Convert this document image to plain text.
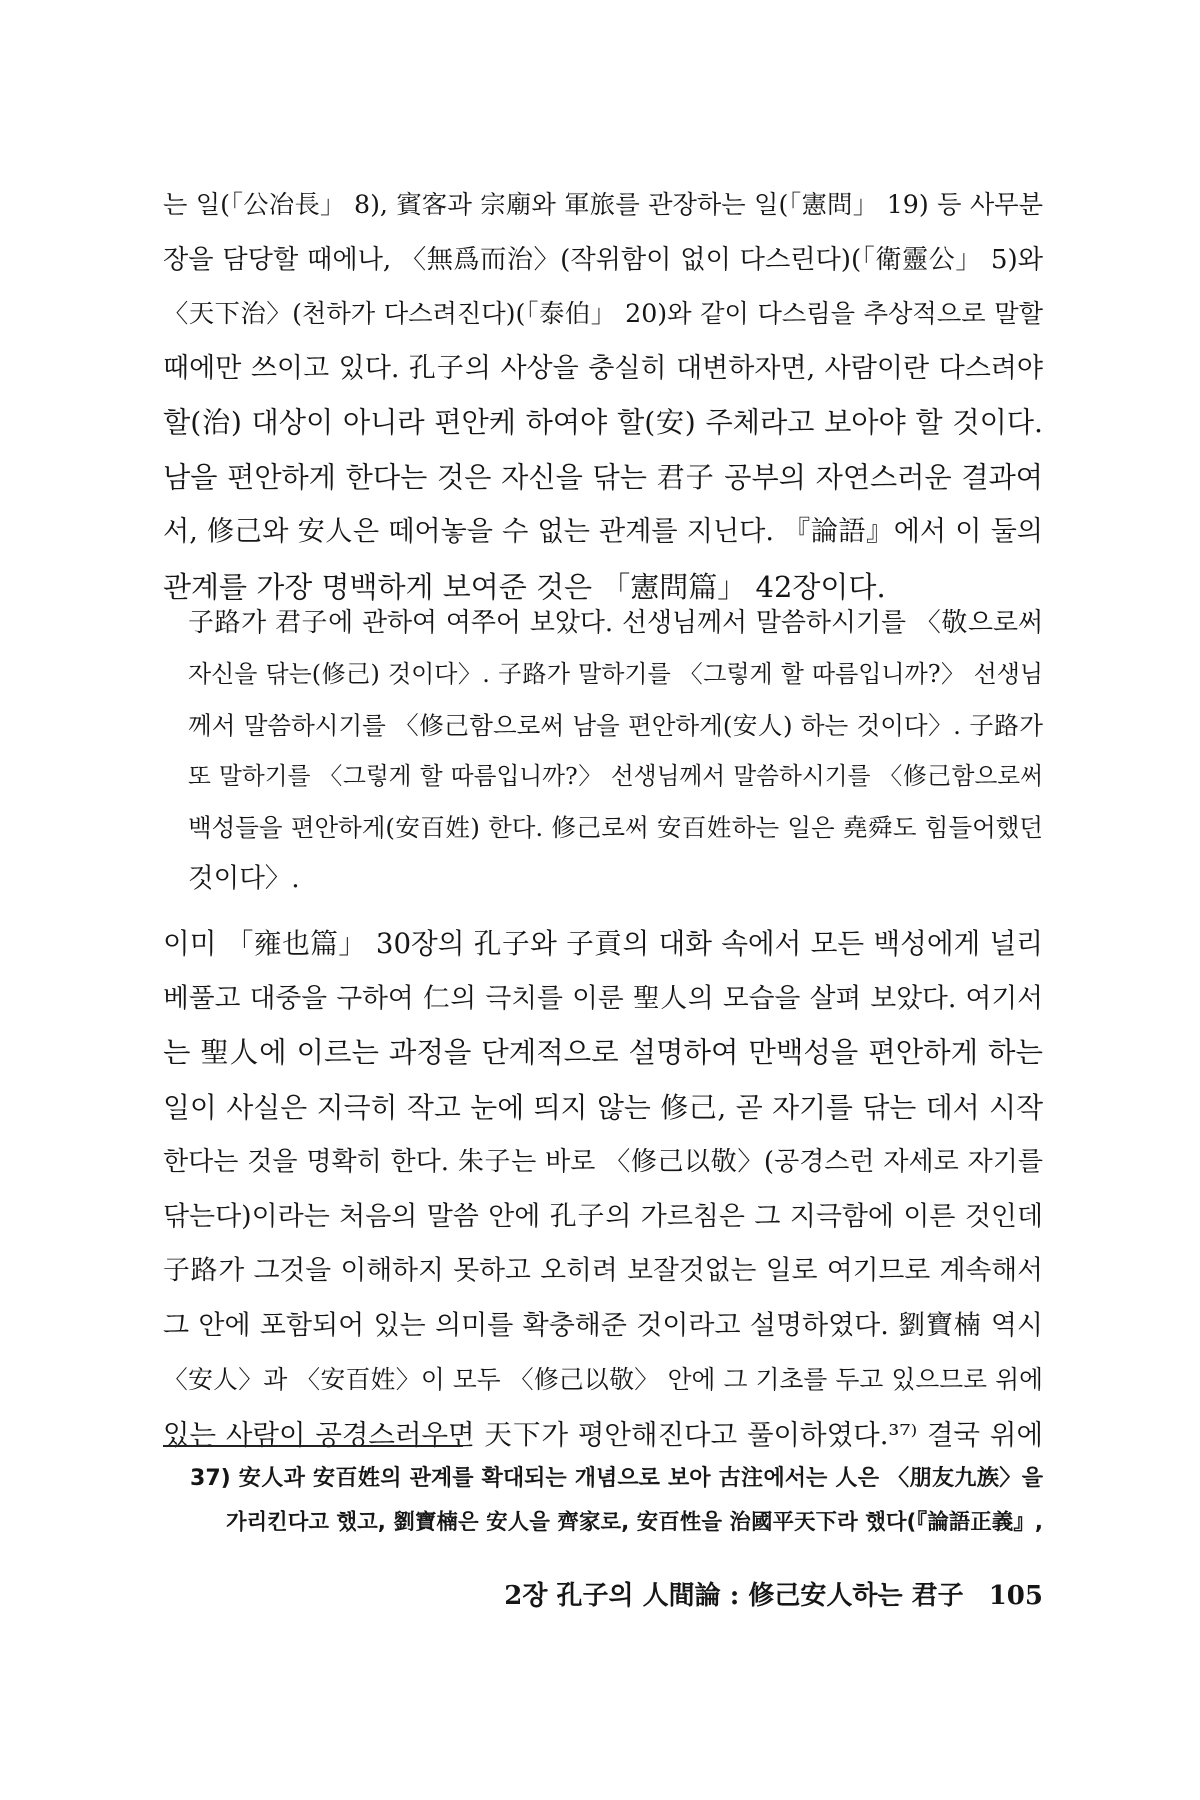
는 일(「公冶長」 8), 賓客과 宗廟와 軍旅를 관장하는 일(「憲問」 19) 등 사무분
장을 담당할 때에나, 〈無爲而治〉(작위함이 없이 다스린다)(「衛靈公」 5)와
〈天下治〉(천하가 다스려진다)(「泰伯」 20)와 같이 다스림을 추상적으로 말할
때에만 쓰이고 있다. 孔子의 사상을 충실히 대변하자면, 사람이란 다스려야
할(治) 대상이 아니라 편안케 하여야 할(安) 주체라고 보아야 할 것이다.
남을 편안하게 한다는 것은 자신을 닦는 君子 공부의 자연스러운 결과여
서, 修己와 安人은 떼어놓을 수 없는 관계를 지닌다. 『論語』에서 이 둘의
관계를 가장 명백하게 보여준 것은 「憲問篇」 42장이다.
子路가 君子에 관하여 여쭈어 보았다. 선생님께서 말씀하시기를 〈敬으로써
자신을 닦는(修己) 것이다〉. 子路가 말하기를 〈그렇게 할 따름입니까?〉 선생님
께서 말씀하시기를 〈修己함으로써 남을 편안하게(安人) 하는 것이다〉. 子路가
또 말하기를 〈그렇게 할 따름입니까?〉 선생님께서 말씀하시기를 〈修己함으로써
백성들을 편안하게(安百姓) 한다. 修己로써 安百姓하는 일은 堯舜도 힘들어했던
것이다〉.
이미 「雍也篇」 30장의 孔子와 子貢의 대화 속에서 모든 백성에게 널리
베풀고 대중을 구하여 仁의 극치를 이룬 聖人의 모습을 살펴 보았다. 여기서
는 聖人에 이르는 과정을 단계적으로 설명하여 만백성을 편안하게 하는
일이 사실은 지극히 작고 눈에 띄지 않는 修己, 곧 자기를 닦는 데서 시작
한다는 것을 명확히 한다. 朱子는 바로 〈修己以敬〉(공경스런 자세로 자기를
닦는다)이라는 처음의 말씀 안에 孔子의 가르침은 그 지극함에 이른 것인데
子路가 그것을 이해하지 못하고 오히려 보잘것없는 일로 여기므로 계속해서
그 안에 포함되어 있는 의미를 확충해준 것이라고 설명하였다. 劉寶楠 역시
〈安人〉과 〈安百姓〉이 모두 〈修己以敬〉 안에 그 기초를 두고 있으므로 위에
있는 사람이 공경스러우면 天下가 평안해진다고 풀이하였다.³⁷⁾ 결국 위에
37) 安人과 安百姓의 관계를 확대되는 개념으로 보아 古注에서는 人은 〈朋友九族〉을
가리킨다고 했고, 劉寶楠은 安人을 齊家로, 安百性을 治國平天下라 했다(『論語正義』,
2장 孔子의 人間論 : 修己安人하는 君子 105
